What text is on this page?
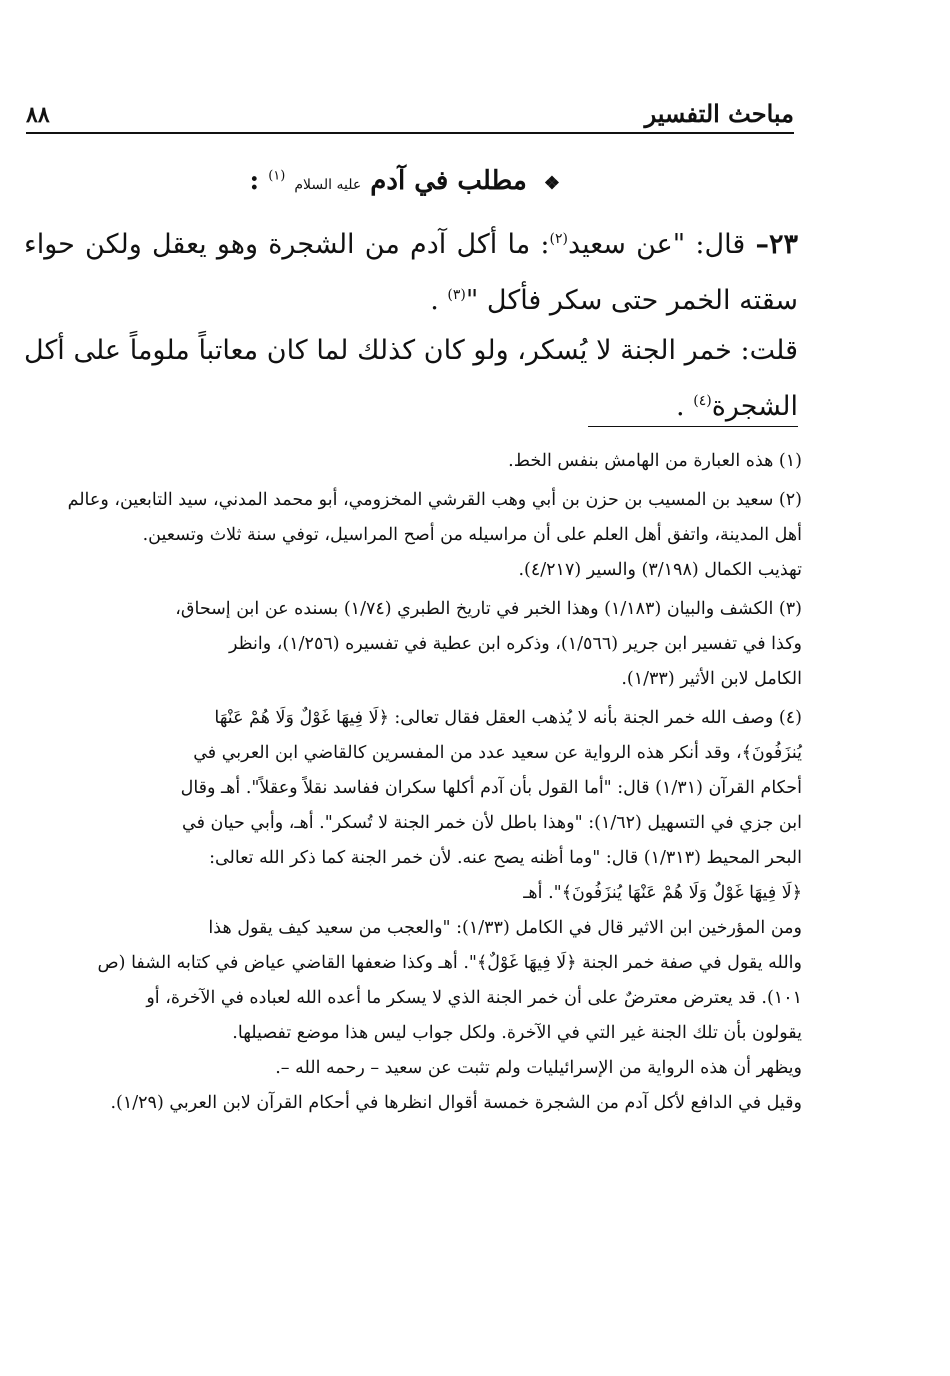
مباحث التفسير
٨٨
❖ مطلب في آدم عليه السلام $^{(١)}$ :

٢٣– قال: "عن سعيد$^{(٢)}$: ما أكل آدم من الشجرة وهو يعقل ولكن حواء سقته الخمر حتى سكر فأكل "$^{(٣)}$ .

قلت: خمر الجنة لا يُسكر، ولو كان كذلك لما كان معاتباً ملوماً على أكل الشجرة$^{(٤)}$ .

(١) هذه العبارة من الهامش بنفس الخط.

(٢) سعيد بن المسيب بن حزن بن أبي وهب القرشي المخزومي، أبو محمد المدني، سيد التابعين، وعالم

أهل المدينة، واتفق أهل العلم على أن مراسيله من أصح المراسيل، توفي سنة ثلاث وتسعين.

تهذيب الكمال (٣/١٩٨) والسير (٤/٢١٧).

(٣) الكشف والبيان (١/١٨٣) وهذا الخبر في تاريخ الطبري (١/٧٤) بسنده عن ابن إسحاق،

وكذا في تفسير ابن جرير (١/٥٦٦)، وذكره ابن عطية في تفسيره (١/٢٥٦)، وانظر

الكامل لابن الأثير (١/٣٣).

(٤) وصف الله خمر الجنة بأنه لا يُذهب العقل فقال تعالى: ﴿لَا فِيهَا غَوْلٌ وَلَا هُمْ عَنْهَا

يُنزَفُونَ﴾، وقد أنكر هذه الرواية عن سعيد عدد من المفسرين كالقاضي ابن العربي في

أحكام القرآن (١/٣١) قال: "أما القول بأن آدم أكلها سكران ففاسد نقلاً وعقلاً". أهـ وقال

ابن جزي في التسهيل (١/٦٢): "وهذا باطل لأن خمر الجنة لا تُسكر". أهـ، وأبي حيان في

البحر المحيط (١/٣١٣) قال: "وما أظنه يصح عنه. لأن خمر الجنة كما ذكر الله تعالى:

﴿لَا فِيهَا غَوْلٌ وَلَا هُمْ عَنْهَا يُنزَفُونَ﴾". أهـ

ومن المؤرخين ابن الاثير قال في الكامل (١/٣٣): "والعجب من سعيد كيف يقول هذا

والله يقول في صفة خمر الجنة ﴿لَا فِيهَا غَوْلٌ﴾". أهـ وكذا ضعفها القاضي عياض في كتابه الشفا (ص

١٠١). قد يعترض معترضٌ على أن خمر الجنة الذي لا يسكر ما أعده الله لعباده في الآخرة، أو

يقولون بأن تلك الجنة غير التي في الآخرة. ولكل جواب ليس هذا موضع تفصيلها.

ويظهر أن هذه الرواية من الإسرائيليات ولم تثبت عن سعيد – رحمه الله –.

وقيل في الدافع لأكل آدم من الشجرة خمسة أقوال انظرها في أحكام القرآن لابن العربي (١/٢٩).
